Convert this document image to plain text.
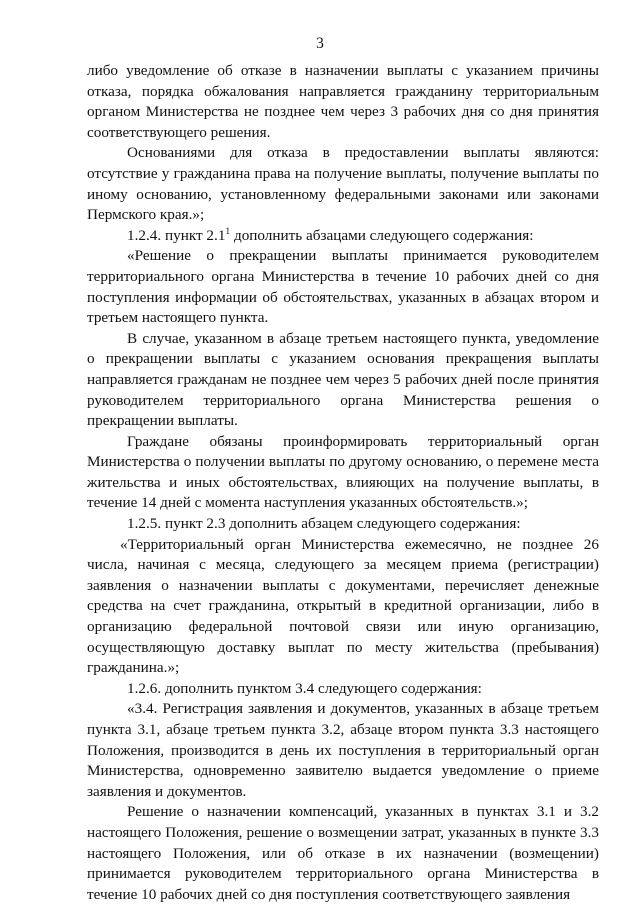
3

либо уведомление об отказе в назначении выплаты с указанием причины отказа, порядка обжалования направляется гражданину территориальным органом Министерства не позднее чем через 3 рабочих дня со дня принятия соответствующего решения.

Основаниями для отказа в предоставлении выплаты являются: отсутствие у гражданина права на получение выплаты, получение выплаты по иному основанию, установленному федеральными законами или законами Пермского края.»;

1.2.4. пункт $2.1^1$ дополнить абзацами следующего содержания:

«Решение о прекращении выплаты принимается руководителем территориального органа Министерства в течение 10 рабочих дней со дня поступления информации об обстоятельствах, указанных в абзацах втором и третьем настоящего пункта.

В случае, указанном в абзаце третьем настоящего пункта, уведомление о прекращении выплаты с указанием основания прекращения выплаты направляется гражданам не позднее чем через 5 рабочих дней после принятия руководителем территориального органа Министерства решения о прекращении выплаты.

Граждане обязаны проинформировать территориальный орган Министерства о получении выплаты по другому основанию, о перемене места жительства и иных обстоятельствах, влияющих на получение выплаты, в течение 14 дней с момента наступления указанных обстоятельств.»;

1.2.5. пункт 2.3 дополнить абзацем следующего содержания:

«Территориальный орган Министерства ежемесячно, не позднее 26 числа, начиная с месяца, следующего за месяцем приема (регистрации) заявления о назначении выплаты с документами, перечисляет денежные средства на счет гражданина, открытый в кредитной организации, либо в организацию федеральной почтовой связи или иную организацию, осуществляющую доставку выплат по месту жительства (пребывания) гражданина.»;

1.2.6. дополнить пунктом 3.4 следующего содержания:

«3.4. Регистрация заявления и документов, указанных в абзаце третьем пункта 3.1, абзаце третьем пункта 3.2, абзаце втором пункта 3.3 настоящего Положения, производится в день их поступления в территориальный орган Министерства, одновременно заявителю выдается уведомление о приеме заявления и документов.

Решение о назначении компенсаций, указанных в пунктах 3.1 и 3.2 настоящего Положения, решение о возмещении затрат, указанных в пункте 3.3 настоящего Положения, или об отказе в их назначении (возмещении) принимается руководителем территориального органа Министерства в течение 10 рабочих дней со дня поступления соответствующего заявления
